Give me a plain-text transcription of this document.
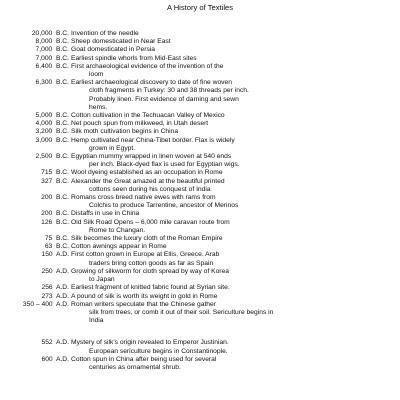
A History of Textiles
20,000  B.C. Invention of the needle
8,000  B.C. Sheep domesticated in Near East
7,000  B.C. Goat domesticated in Persia
7,000  B.C. Earliest spindle whorls from Mid-East sites
6,400  B.C. First archaeological evidence of the invention of the
loom
6,300  B.C. Earliest archaeological discovery to date of fine woven
cloth fragments in Turkey: 30 and 38 threads per inch.
Probably linen. First evidence of darning and sewn
hems.
5,000  B.C. Cotton cultivation in the Techuacan Valley of Mexico
4,000  B.C. Net pouch spun from milkweed, in Utah desert
3,200  B.C. Silk moth cultivation begins in China
3,000  B.C. Hemp cultivated near China-Tibet border. Flax is widely
grown in Egypt.
2,500  B.C. Egyptian mummy wrapped in linen woven at 540 ends
per inch. Black-dyed flax is used for Egyptian wigs.
715  B.C. Wool dyeing established as an occupation in Rome
327  B.C. Alexander the Great amazed at the beautiful printed
cottons seen during his conquest of India
200  B.C. Romans cross breed native ewes with rams from
Colchis to produce Tarrentine, ancestor of Merinos
200  B.C. Distaffs in use in China
126  B.C. Old Silk Road Opens – 6,000 mile caravan route from
Rome to Changan.
75  B.C. Silk becomes the luxury cloth of the Roman Empire
63  B.C. Cotton awnings appear in Rome
150  A.D. First cotton grown in Europe at Ellis, Greece. Arab
traders bring cotton goods as far as Spain
250  A.D. Growing of silkworm for cloth spread by way of Korea
to Japan
256  A.D. Earliest fragment of knitted fabric found at Syrian site.
273  A.D. A pound of silk is worth its weight in gold in Rome
350 – 400  A.D. Roman writers speculate that the Chinese gather
silk from trees, or comb it out of their soil. Sericulture begins in
India
552  A.D. Mystery of silk's origin revealed to Emperor Justinian.
European sericulture begins in Constantinople.
600  A.D. Cotton spun in China after being used for several
centuries as ornamental shrub.
